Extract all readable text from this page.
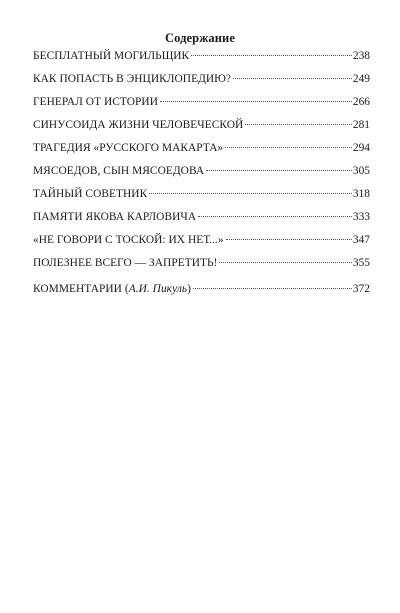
Содержание
БЕСПЛАТНЫЙ МОГИЛЬЩИК	238
КАК ПОПАСТЬ В ЭНЦИКЛОПЕДИЮ?	249
ГЕНЕРАЛ ОТ ИСТОРИИ	266
СИНУСОИДА ЖИЗНИ ЧЕЛОВЕЧЕСКОЙ	281
ТРАГЕДИЯ «РУССКОГО МАКАРТА»	294
МЯСОЕДОВ, СЫН МЯСОЕДОВА	305
ТАЙНЫЙ СОВЕТНИК	318
ПАМЯТИ ЯКОВА КАРЛОВИЧА	333
«НЕ ГОВОРИ С ТОСКОЙ: ИХ НЕТ...»	347
ПОЛЕЗНЕЕ ВСЕГО — ЗАПРЕТИТЬ!	355
КОММЕНТАРИИ (А.И. Пикуль)	372
